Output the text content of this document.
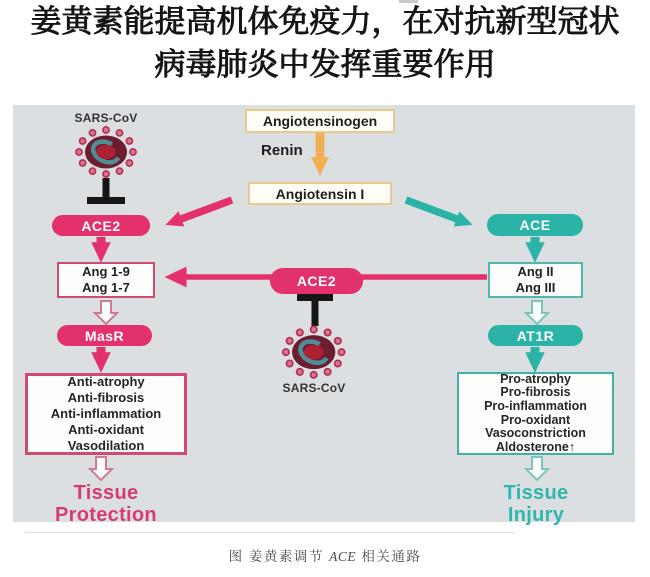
姜黄素能提高机体免疫力，在对抗新型冠状
病毒肺炎中发挥重要作用
SARS-CoV
ACE2
Ang 1-9
Ang 1-7
MasR
Anti-atrophy
Anti-fibrosis
Anti-inflammation
Anti-oxidant
Vasodilation
Tissue
Protection
Angiotensinogen
Renin
Angiotensin I
ACE2
SARS-CoV
ACE
Ang II
Ang III
AT1R
Pro-atrophy
Pro-fibrosis
Pro-inflammation
Pro-oxidant
Vasoconstriction
Aldosterone↑
Tissue
Injury
图 姜黄素调节 ACE 相关通路
